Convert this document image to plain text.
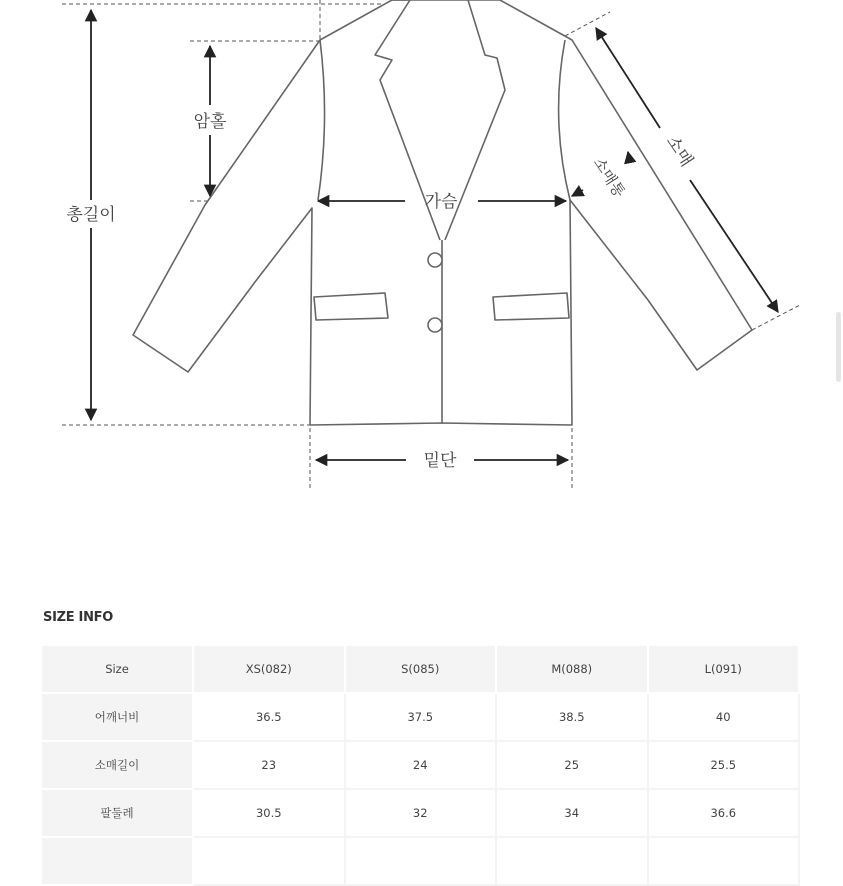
총길이
암홀
가슴
밑단
소매
소매통
SIZE INFO
Size	XS(082)	S(085)	M(088)	L(091)
어깨너비	36.5	37.5	38.5	40
소매길이	23	24	25	25.5
팔둘레	30.5	32	34	36.6
